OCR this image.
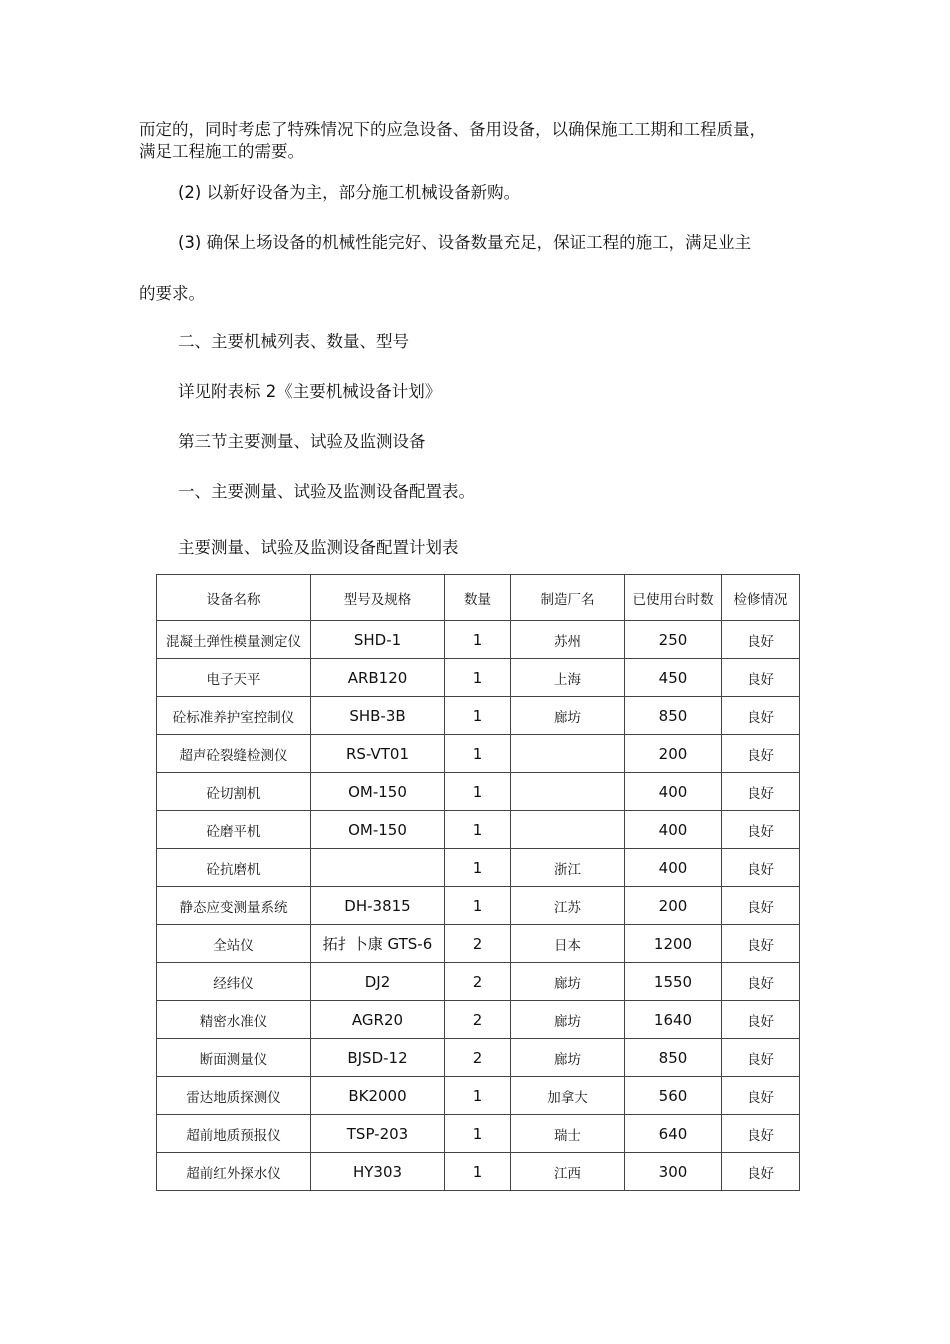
而定的，同时考虑了特殊情况下的应急设备、备用设备，以确保施工工期和工程质量，
满足工程施工的需要。
(2) 以新好设备为主，部分施工机械设备新购。
(3) 确保上场设备的机械性能完好、设备数量充足，保证工程的施工，满足业主
的要求。
二、主要机械列表、数量、型号
详见附表标 2《主要机械设备计划》
第三节主要测量、试验及监测设备
一、主要测量、试验及监测设备配置表。
主要测量、试验及监测设备配置计划表
设备名称	型号及规格	数量	制造厂名	已使用台时数	检修情况
混凝土弹性模量测定仪	SHD-1	1	苏州	250	良好
电子天平	ARB120	1	上海	450	良好
砼标准养护室控制仪	SHB-3B	1	廊坊	850	良好
超声砼裂缝检测仪	RS-VT01	1		200	良好
砼切割机	OM-150	1		400	良好
砼磨平机	OM-150	1		400	良好
砼抗磨机		1	浙江	400	良好
静态应变测量系统	DH-3815	1	江苏	200	良好
全站仪	拓扌卜康 GTS-6	2	日本	1200	良好
经纬仪	DJ2	2	廊坊	1550	良好
精密水准仪	AGR20	2	廊坊	1640	良好
断面测量仪	BJSD-12	2	廊坊	850	良好
雷达地质探测仪	BK2000	1	加拿大	560	良好
超前地质预报仪	TSP-203	1	瑞士	640	良好
超前红外探水仪	HY303	1	江西	300	良好
